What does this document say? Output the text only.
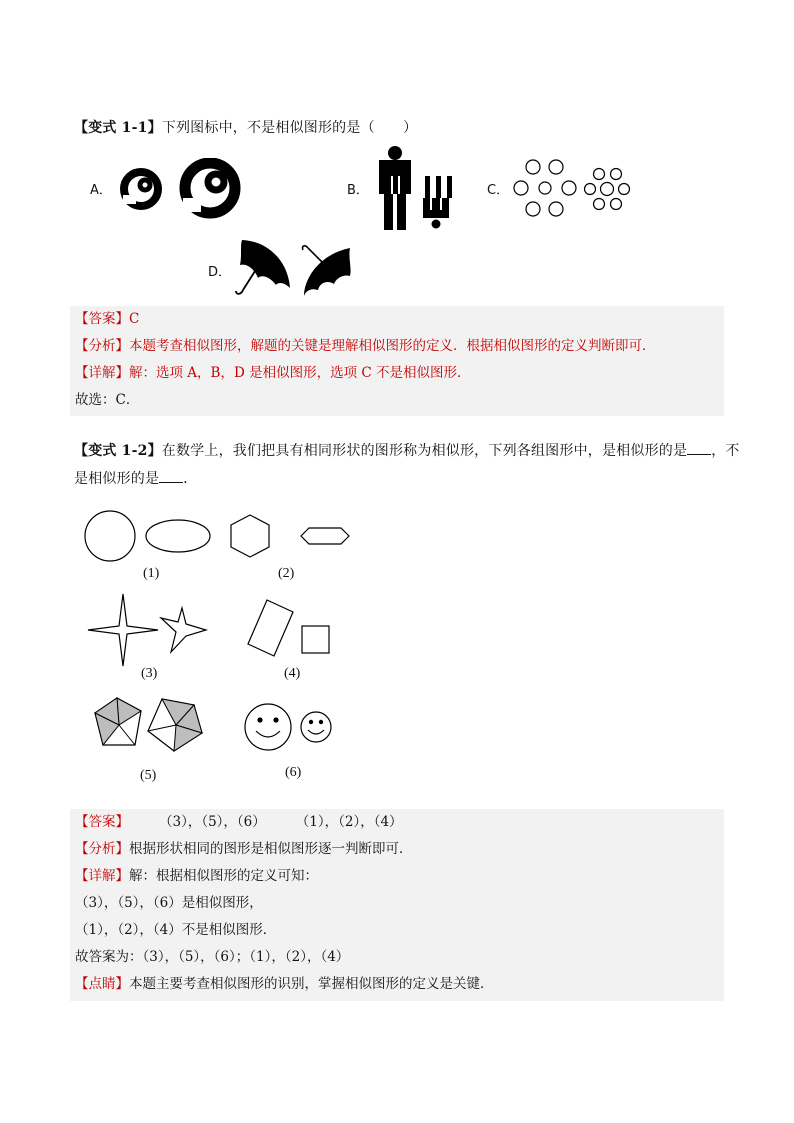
【变式 1-1】下列图标中，不是相似图形的是（　　）
A．	B．	C．
D．
【答案】C
【分析】本题考查相似图形，解题的关键是理解相似图形的定义．根据相似图形的定义判断即可．
【详解】解：选项 A，B，D 是相似图形，选项 C 不是相似图形．
故选：C．
【变式 1-2】在数学上，我们把具有相同形状的图形称为相似形，下列各组图形中，是相似形的是 ，不
是相似形的是 ．
(1)	(2)
(3)	(4)
(5)	(6)
【答案】 （3），（5），（6） （1），（2），（4）
【分析】根据形状相同的图形是相似图形逐一判断即可．
【详解】解：根据相似图形的定义可知：
（3），（5），（6）是相似图形，
（1），（2），（4）不是相似图形．
故答案为：（3），（5），（6）；（1），（2），（4）
【点睛】本题主要考查相似图形的识别，掌握相似图形的定义是关键．
